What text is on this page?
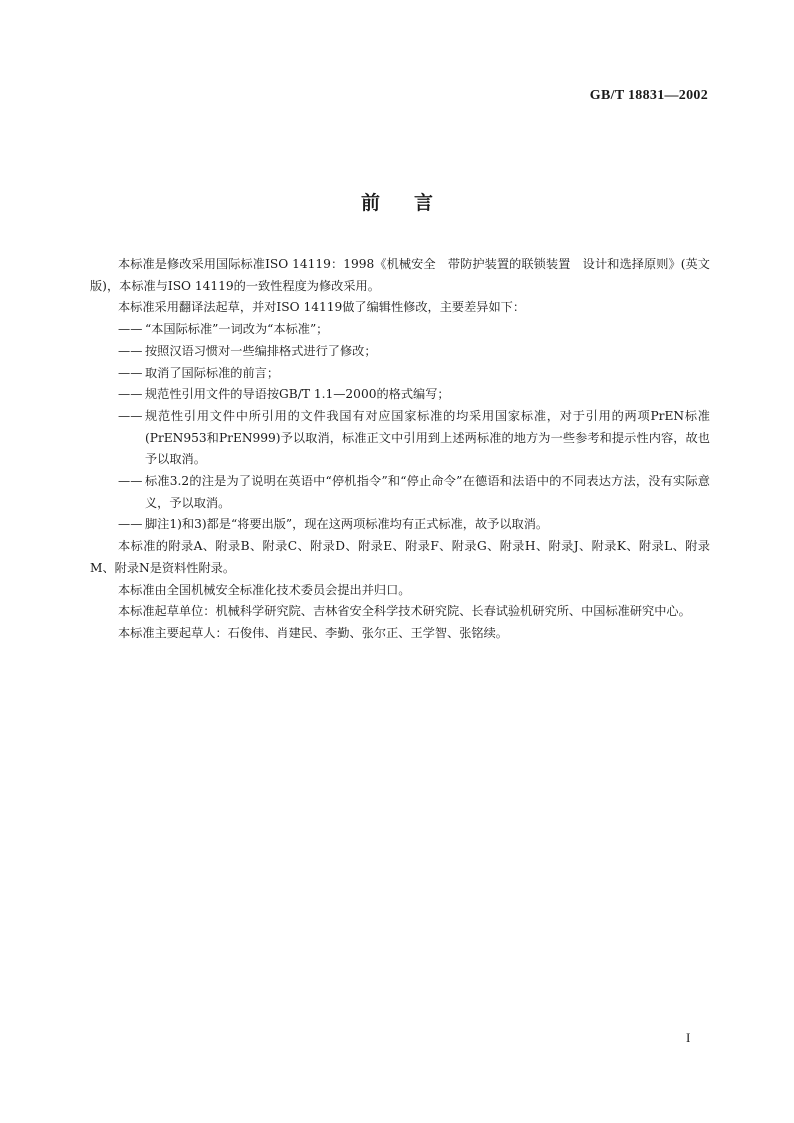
GB/T 18831—2002
前言

本标准是修改采用国际标准ISO 14119：1998《机械安全　带防护装置的联锁装置　设计和选择原则》(英文版)，本标准与ISO 14119的一致性程度为修改采用。

本标准采用翻译法起草，并对ISO 14119做了编辑性修改，主要差异如下：

—— “本国际标准”一词改为“本标准”；
—— 按照汉语习惯对一些编排格式进行了修改；
—— 取消了国际标准的前言；
—— 规范性引用文件的导语按GB/T 1.1—2000的格式编写；
—— 规范性引用文件中所引用的文件我国有对应国家标准的均采用国家标准，对于引用的两项PrEN标准(PrEN953和PrEN999)予以取消，标准正文中引用到上述两标准的地方为一些参考和提示性内容，故也予以取消。
—— 标准3.2的注是为了说明在英语中“停机指令”和“停止命令”在德语和法语中的不同表达方法，没有实际意义，予以取消。
—— 脚注1)和3)都是“将要出版”，现在这两项标准均有正式标准，故予以取消。

本标准的附录A、附录B、附录C、附录D、附录E、附录F、附录G、附录H、附录J、附录K、附录L、附录M、附录N是资料性附录。

本标准由全国机械安全标准化技术委员会提出并归口。

本标准起草单位：机械科学研究院、吉林省安全科学技术研究院、长春试验机研究所、中国标准研究中心。

本标准主要起草人：石俊伟、肖建民、李勤、张尔正、王学智、张铭续。

I
